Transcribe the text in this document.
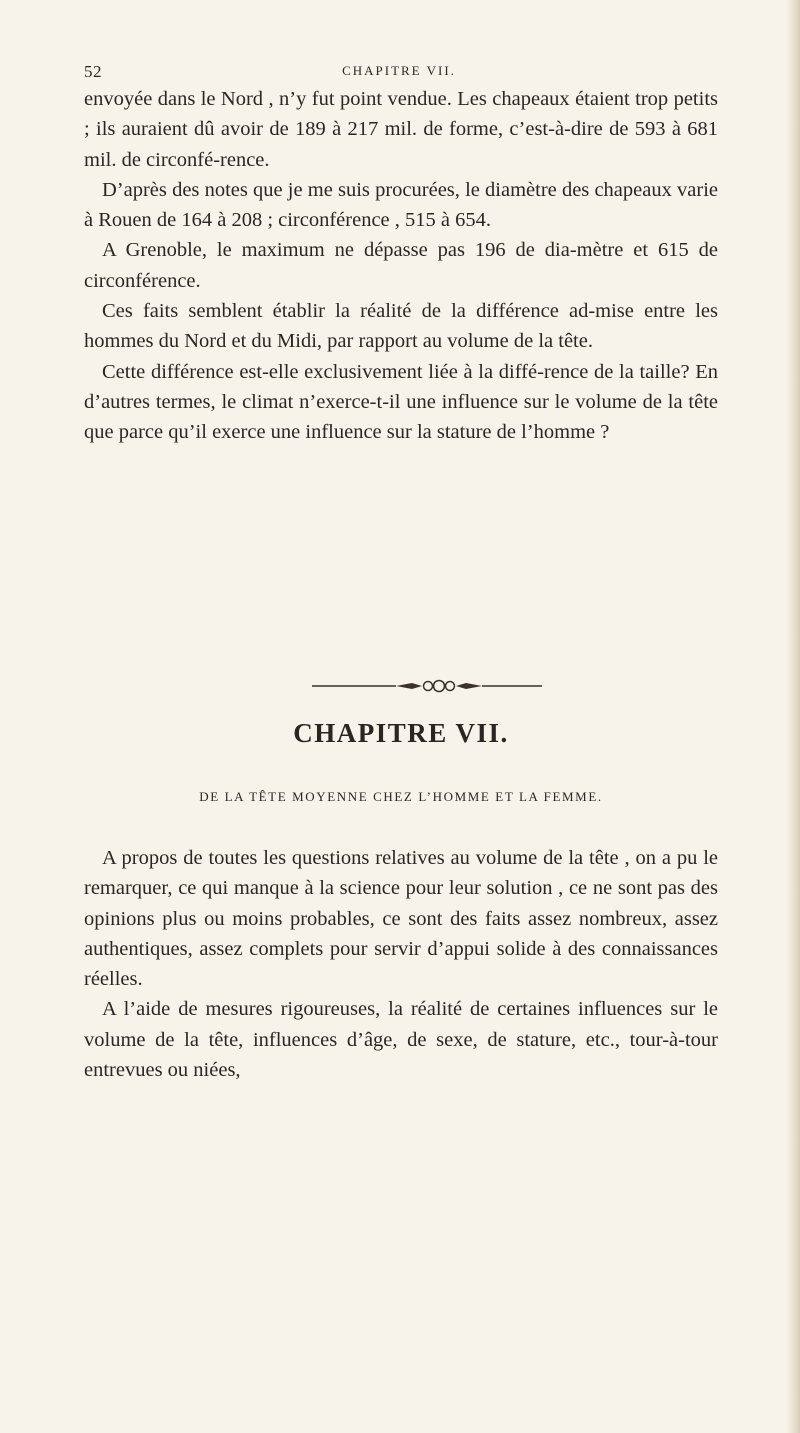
52	CHAPITRE VII.

envoyée dans le Nord , n’y fut point vendue. Les chapeaux étaient trop petits ; ils auraient dû avoir de 189 à 217 mil. de forme, c’est-à-dire de 593 à 681 mil. de circonfé-rence.

D’après des notes que je me suis procurées, le diamètre des chapeaux varie à Rouen de 164 à 208 ; circonférence , 515 à 654.

A Grenoble, le maximum ne dépasse pas 196 de dia-mètre et 615 de circonférence.

Ces faits semblent établir la réalité de la différence ad-mise entre les hommes du Nord et du Midi, par rapport au volume de la tête.

Cette différence est-elle exclusivement liée à la diffé-rence de la taille? En d’autres termes, le climat n’exerce-t-il une influence sur le volume de la tête que parce qu’il exerce une influence sur la stature de l’homme ?

CHAPITRE VII.
DE LA TÊTE MOYENNE CHEZ L’HOMME ET LA FEMME.

A propos de toutes les questions relatives au volume de la tête , on a pu le remarquer, ce qui manque à la science pour leur solution , ce ne sont pas des opinions plus ou moins probables, ce sont des faits assez nombreux, assez authentiques, assez complets pour servir d’appui solide à des connaissances réelles.

A l’aide de mesures rigoureuses, la réalité de certaines influences sur le volume de la tête, influences d’âge, de sexe, de stature, etc., tour-à-tour entrevues ou niées,
